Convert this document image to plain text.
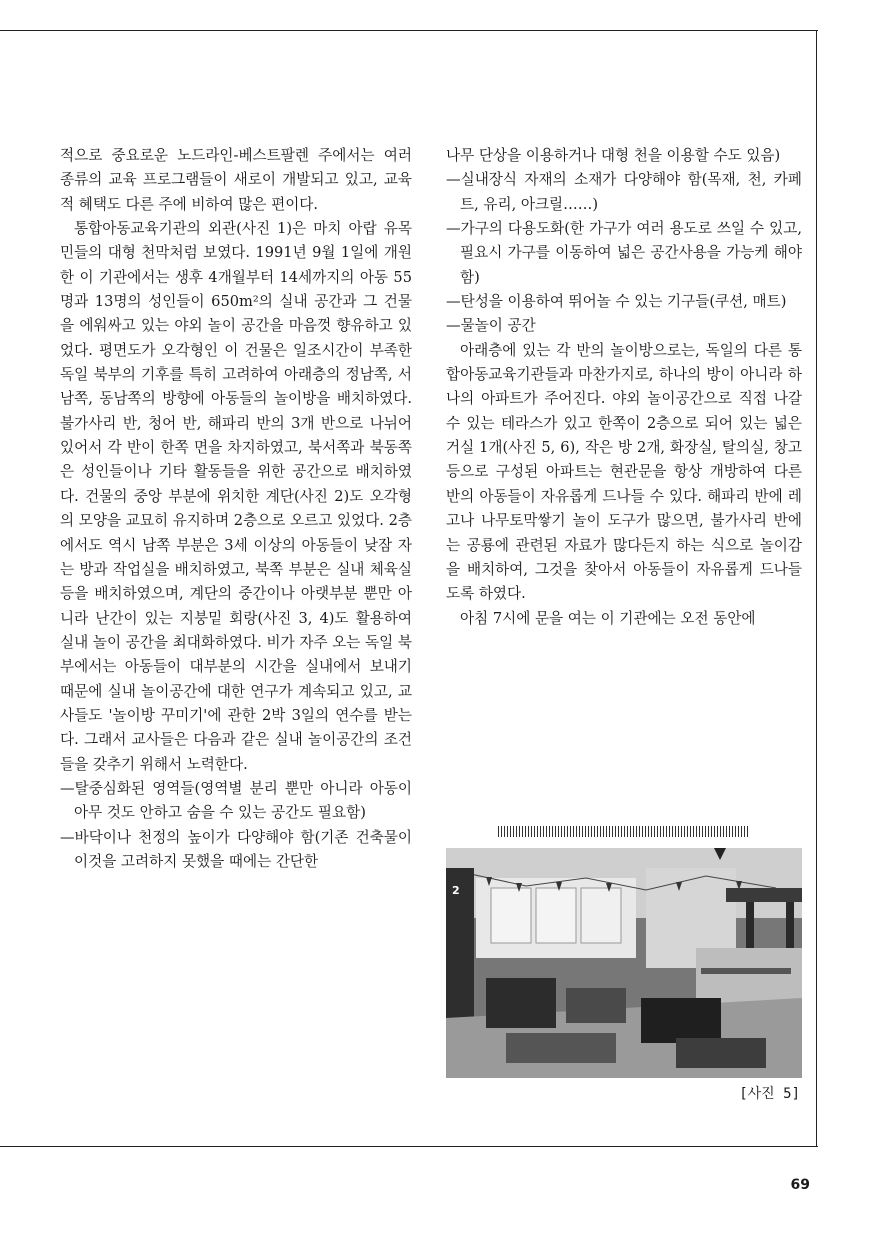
적으로 중요로운 노드라인-베스트팔렌 주에서는 여러 종류의 교육 프로그램들이 새로이 개발되고 있고, 교육적 혜택도 다른 주에 비하여 많은 편이다.

통합아동교육기관의 외관(사진 1)은 마치 아랍 유목민들의 대형 천막처럼 보였다. 1991년 9월 1일에 개원한 이 기관에서는 생후 4개월부터 14세까지의 아동 55명과 13명의 성인들이 650m²의 실내 공간과 그 건물을 에워싸고 있는 야외 놀이 공간을 마음껏 향유하고 있었다. 평면도가 오각형인 이 건물은 일조시간이 부족한 독일 북부의 기후를 특히 고려하여 아래층의 정남쪽, 서남쪽, 동남쪽의 방향에 아동들의 놀이방을 배치하였다. 불가사리 반, 청어 반, 해파리 반의 3개 반으로 나뉘어 있어서 각 반이 한쪽 면을 차지하였고, 북서쪽과 북동쪽은 성인들이나 기타 활동들을 위한 공간으로 배치하였다. 건물의 중앙 부분에 위치한 계단(사진 2)도 오각형의 모양을 교묘히 유지하며 2층으로 오르고 있었다. 2층에서도 역시 남쪽 부분은 3세 이상의 아동들이 낮잠 자는 방과 작업실을 배치하였고, 북쪽 부분은 실내 체육실 등을 배치하였으며, 계단의 중간이나 아랫부분 뿐만 아니라 난간이 있는 지붕밑 회랑(사진 3, 4)도 활용하여 실내 놀이 공간을 최대화하였다. 비가 자주 오는 독일 북부에서는 아동들이 대부분의 시간을 실내에서 보내기 때문에 실내 놀이공간에 대한 연구가 계속되고 있고, 교사들도 '놀이방 꾸미기'에 관한 2박 3일의 연수를 받는다. 그래서 교사들은 다음과 같은 실내 놀이공간의 조건들을 갖추기 위해서 노력한다.

—탈중심화된 영역들(영역별 분리 뿐만 아니라 아동이 아무 것도 안하고 숨을 수 있는 공간도 필요함)

—바닥이나 천정의 높이가 다양해야 함(기존 건축물이 이것을 고려하지 못했을 때에는 간단한

나무 단상을 이용하거나 대형 천을 이용할 수도 있음)

—실내장식 자재의 소재가 다양해야 함(목재, 천, 카페트, 유리, 아크릴……)

—가구의 다용도화(한 가구가 여러 용도로 쓰일 수 있고, 필요시 가구를 이동하여 넓은 공간사용을 가능케 해야 함)

—탄성을 이용하여 뛰어놀 수 있는 기구들(쿠션, 매트)

—물놀이 공간

아래층에 있는 각 반의 놀이방으로는, 독일의 다른 통합아동교육기관들과 마찬가지로, 하나의 방이 아니라 하나의 아파트가 주어진다. 야외 놀이공간으로 직접 나갈 수 있는 테라스가 있고 한쪽이 2층으로 되어 있는 넓은 거실 1개(사진 5, 6), 작은 방 2개, 화장실, 탈의실, 창고 등으로 구성된 아파트는 현관문을 항상 개방하여 다른 반의 아동들이 자유롭게 드나들 수 있다. 해파리 반에 레고나 나무토막쌓기 놀이 도구가 많으면, 불가사리 반에는 공룡에 관련된 자료가 많다든지 하는 식으로 놀이감을 배치하여, 그것을 찾아서 아동들이 자유롭게 드나들도록 하였다.

아침 7시에 문을 여는 이 기관에는 오전 동안에

2
[사진 5]
69
